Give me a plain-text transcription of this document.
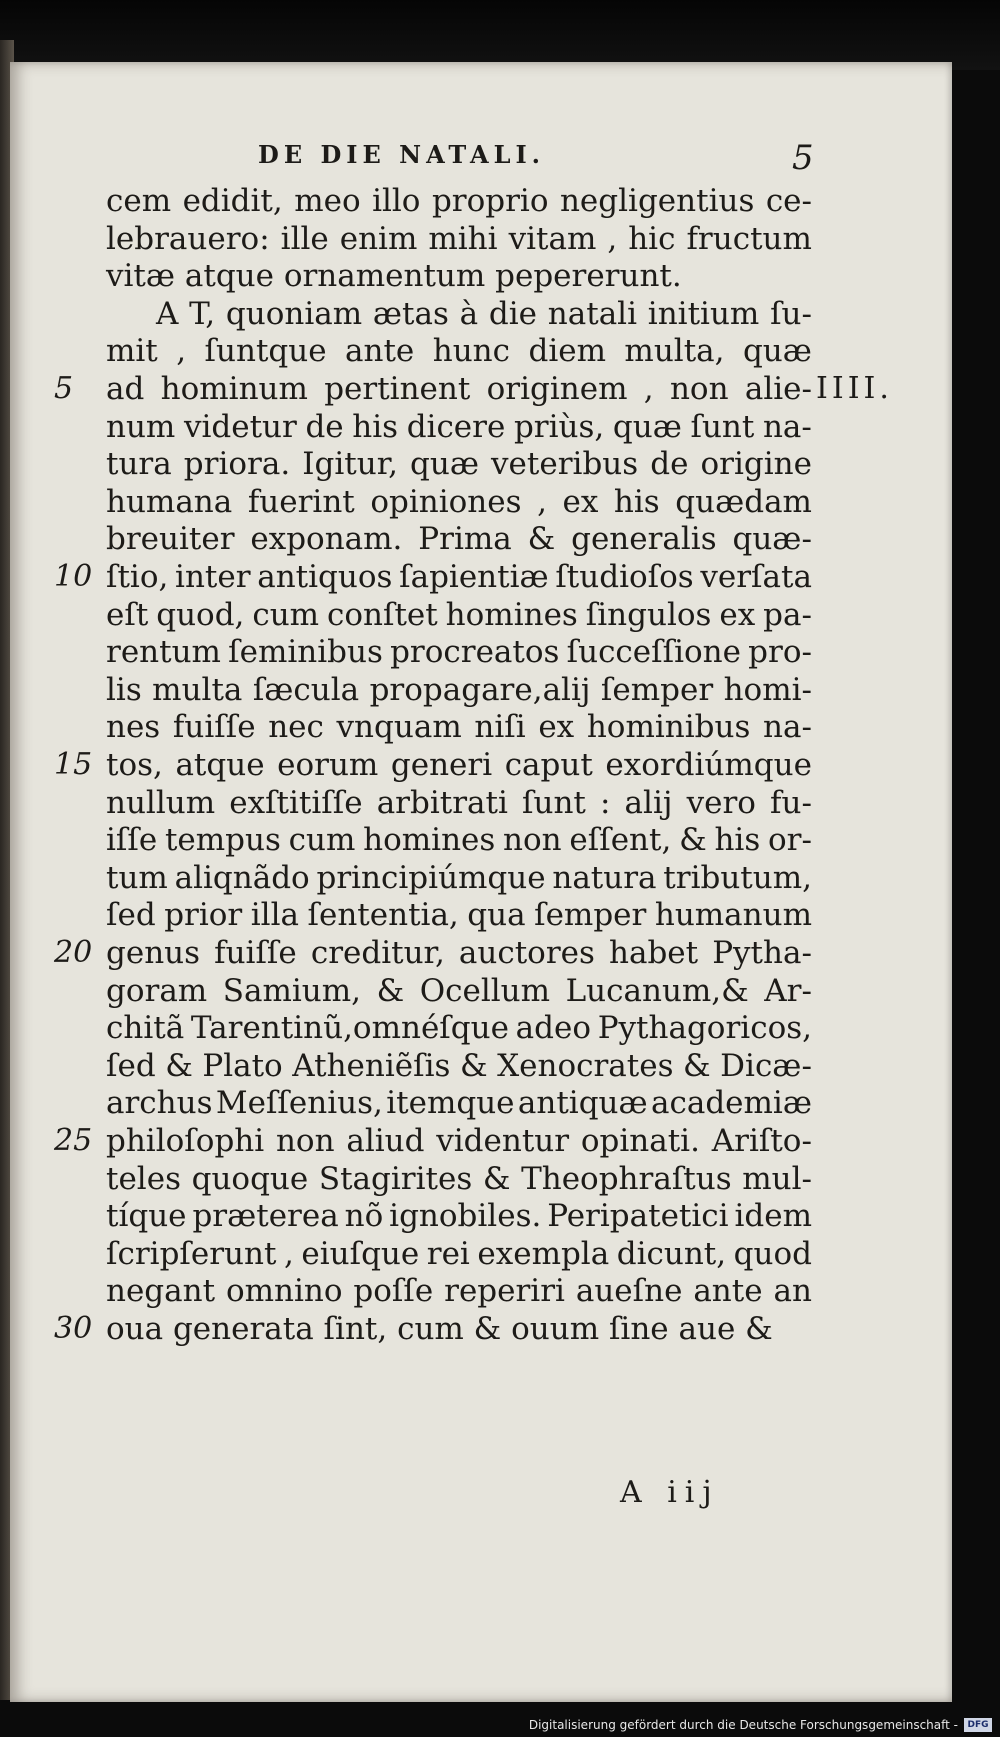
DE DIE NATALI.	5
IIII.
cem edidit, meo illo proprio negligentius ce-
lebrauero: ille enim mihi vitam , hic fructum
vitæ atque ornamentum pepererunt.
A T, quoniam ætas à die natali initium ſu-
mit , ſuntque ante hunc diem multa, quæ
ad hominum pertinent originem , non alie-
num videtur de his dicere priùs, quæ ſunt na-
tura priora. Igitur, quæ veteribus de origine
humana fuerint opiniones , ex his quædam
breuiter exponam. Prima & generalis quæ-
ſtio, inter antiquos ſapientiæ ſtudioſos verſata
eſt quod, cum conſtet homines ſingulos ex pa-
rentum ſeminibus procreatos ſucceſſione pro-
lis multa ſæcula propagare,alij ſemper homi-
nes fuiſſe nec vnquam niſi ex hominibus na-
tos, atque eorum generi caput exordiúmque
nullum exſtitiſſe arbitrati ſunt : alij vero fu-
iſſe tempus cum homines non eſſent, & his or-
tum aliqnãdo principiúmque natura tributum,
ſed prior illa ſententia, qua ſemper humanum
genus fuiſſe creditur, auctores habet Pytha-
goram Samium, & Ocellum Lucanum,& Ar-
chitã Tarentinũ,omnéſque adeo Pythagoricos,
ſed & Plato Atheniẽſis & Xenocrates & Dicæ-
archus Meſſenius, itemque antiquæ academiæ
philoſophi non aliud videntur opinati. Ariſto-
teles quoque Stagirites & Theophraſtus mul-
tíque præterea nõ ignobiles. Peripatetici idem
ſcripſerunt , eiuſque rei exempla dicunt, quod
negant omnino poſſe reperiri aueſne ante an
oua generata ſint, cum & ouum ſine aue &
5
10
15
20
25
30
A iij
Digitalisierung gefördert durch die Deutsche Forschungsgemeinschaft -	DFG
